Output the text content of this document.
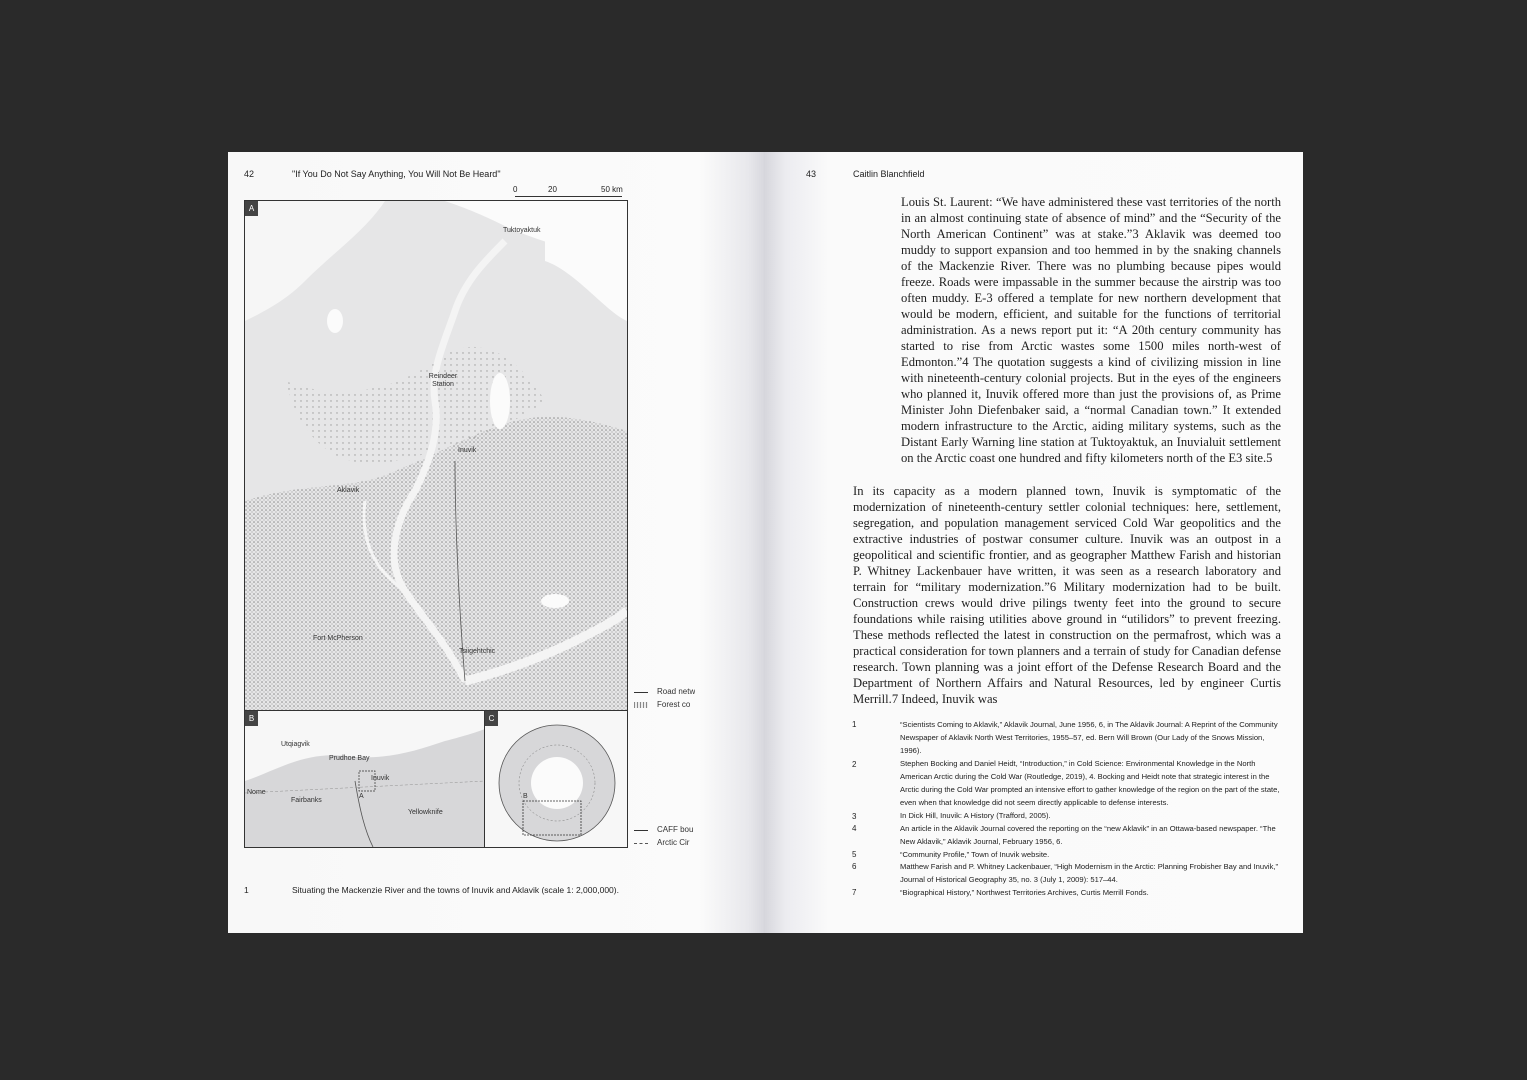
42	"If You Do Not Say Anything, You Will Not Be Heard"
0	20	50 km
A
Tuktoyaktuk
Reindeer Station
Inuvik
Aklavik
Fort McPherson
Tsiigehtchic
B
Utqiagvik
Prudhoe Bay
Inuvik
Nome
Fairbanks
A
Yellowknife
C
B
Road netw
Forest co
CAFF bou
Arctic Cir
1	Situating the Mackenzie River and the towns of Inuvik and Aklavik (scale 1: 2,000,000).
43	Caitlin Blanchfield

Louis St. Laurent: “We have administered these vast territories of the north in an almost continuing state of absence of mind” and the “Security of the North American Continent” was at stake.”3 Aklavik was deemed too muddy to support expansion and too hemmed in by the snaking channels of the Mackenzie River. There was no plumbing because pipes would freeze. Roads were impassable in the summer because the airstrip was too often muddy. E-3 offered a template for new northern development that would be modern, efficient, and suitable for the functions of territorial administration. As a news report put it: “A 20th century community has started to rise from Arctic wastes some 1500 miles north-west of Edmonton.”4 The quotation suggests a kind of civilizing mission in line with nineteenth-century colonial projects. But in the eyes of the engineers who planned it, Inuvik offered more than just the provisions of, as Prime Minister John Diefenbaker said, a “normal Canadian town.” It extended modern infrastructure to the Arctic, aiding military systems, such as the Distant Early Warning line station at Tuktoyaktuk, an Inuvialuit settlement on the Arctic coast one hundred and fifty kilometers north of the E3 site.5

In its capacity as a modern planned town, Inuvik is symptomatic of the modernization of nineteenth-century settler colonial techniques: here, settlement, segregation, and population management serviced Cold War geopolitics and the extractive industries of postwar consumer culture. Inuvik was an outpost in a geopolitical and scientific frontier, and as geographer Matthew Farish and historian P. Whitney Lackenbauer have written, it was seen as a research laboratory and terrain for “military modernization.”6 Military modernization had to be built. Construction crews would drive pilings twenty feet into the ground to secure foundations while raising utilities above ground in “utilidors” to prevent freezing. These methods reflected the latest in construction on the permafrost, which was a practical consideration for town planners and a terrain of study for Canadian defense research. Town planning was a joint effort of the Defense Research Board and the Department of Northern Affairs and Natural Resources, led by engineer Curtis Merrill.7 Indeed, Inuvik was

1	“Scientists Coming to Aklavik,” Aklavik Journal, June 1956, 6, in The Aklavik Journal: A Reprint of the Community Newspaper of Aklavik North West Territories, 1955–57, ed. Bern Will Brown (Our Lady of the Snows Mission, 1996).
2	Stephen Bocking and Daniel Heidt, “Introduction,” in Cold Science: Environmental Knowledge in the North American Arctic during the Cold War (Routledge, 2019), 4. Bocking and Heidt note that strategic interest in the Arctic during the Cold War prompted an intensive effort to gather knowledge of the region on the part of the state, even when that knowledge did not seem directly applicable to defense interests.
3	In Dick Hill, Inuvik: A History (Trafford, 2005).
4	An article in the Aklavik Journal covered the reporting on the “new Aklavik” in an Ottawa-based newspaper. “The New Aklavik,” Aklavik Journal, February 1956, 6.
5	“Community Profile,” Town of Inuvik website.
6	Matthew Farish and P. Whitney Lackenbauer, “High Modernism in the Arctic: Planning Frobisher Bay and Inuvik,” Journal of Historical Geography 35, no. 3 (July 1, 2009): 517–44.
7	“Biographical History,” Northwest Territories Archives, Curtis Merrill Fonds.
